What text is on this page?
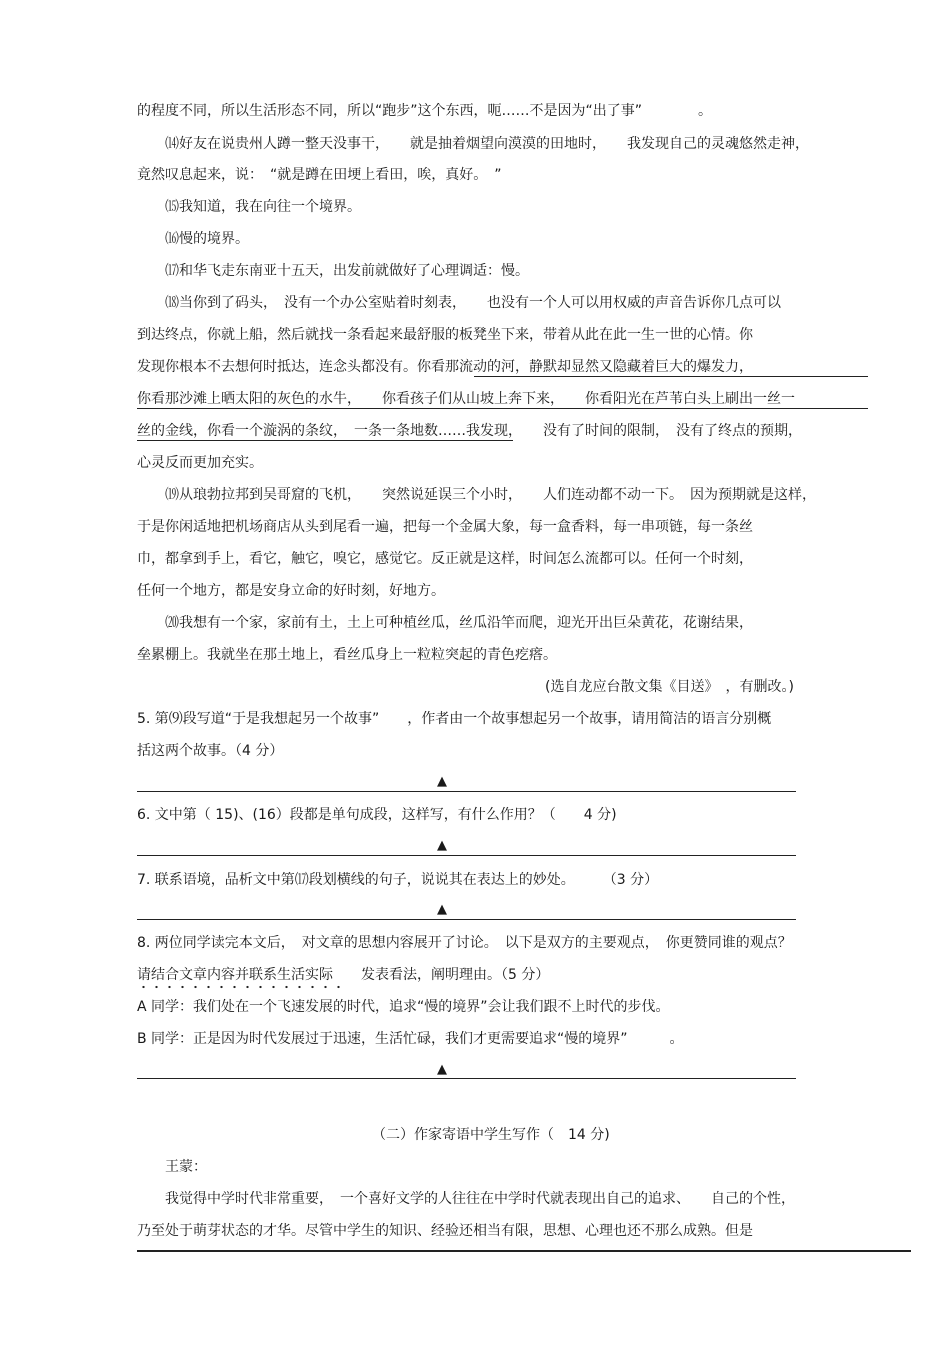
的程度不同，所以生活形态不同，所以“跑步”这个东西，呃……不是因为“出了事”　　　　。
⒁好友在说贵州人蹲一整天没事干，　　就是抽着烟望向漠漠的田地时，　　我发现自己的灵魂悠然走神，
竟然叹息起来，说：　“就是蹲在田埂上看田，唉，真好。　”
⒂我知道，我在向往一个境界。
⒃慢的境界。
⒄和华飞走东南亚十五天，出发前就做好了心理调适：慢。
⒅当你到了码头，　没有一个办公室贴着时刻表，　　也没有一个人可以用权威的声音告诉你几点可以
到达终点，你就上船，然后就找一条看起来最舒服的板凳坐下来，带着从此在此一生一世的心情。你
发现你根本不去想何时抵达，连念头都没有。你看那流动的河，静默却显然又隐藏着巨大的爆发力，
你看那沙滩上晒太阳的灰色的水牛，　　你看孩子们从山坡上奔下来，　　你看阳光在芦苇白头上刷出一丝一
丝的金线，你看一个漩涡的条纹，　一条一条地数……我发现，　　没有了时间的限制，　没有了终点的预期，
心灵反而更加充实。
⒆从琅勃拉邦到吴哥窟的飞机，　　突然说延误三个小时，　　人们连动都不动一下。　因为预期就是这样，
于是你闲适地把机场商店从头到尾看一遍，把每一个金属大象，每一盒香料，每一串项链，每一条丝
巾，都拿到手上，看它，触它，嗅它，感觉它。反正就是这样，时间怎么流都可以。任何一个时刻，
任何一个地方，都是安身立命的好时刻，好地方。
⒇我想有一个家，家前有土，土上可种植丝瓜，丝瓜沿竿而爬，迎光开出巨朵黄花，花谢结果，
垒累棚上。我就坐在那土地上，看丝瓜身上一粒粒突起的青色疙瘩。
(选自龙应台散文集《目送》　，有删改。)
5. 第⑼段写道“于是我想起另一个故事”　　，作者由一个故事想起另一个故事，请用简洁的语言分别概
括这两个故事。（4 分）
▲
6. 文中第（ 15)、(16）段都是单句成段，这样写，有什么作用？（　　4 分)
▲
7. 联系语境，品析文中第⒄段划横线的句子，说说其在表达上的妙处。　　　（3 分）
▲
8. 两位同学读完本文后，　对文章的思想内容展开了讨论。　以下是双方的主要观点，　你更赞同谁的观点？
请结合文章内容并联系生活实际　　发表看法，阐明理由。（5 分）
A 同学：我们处在一个飞速发展的时代，追求“慢的境界”会让我们跟不上时代的步伐。
B 同学：正是因为时代发展过于迅速，生活忙碌，我们才更需要追求“慢的境界”　　　。
▲
（二）作家寄语中学生写作（　14 分)
王蒙：
我觉得中学时代非常重要，　一个喜好文学的人往往在中学时代就表现出自己的追求、　　自己的个性，
乃至处于萌芽状态的才华。尽管中学生的知识、经验还相当有限，思想、心理也还不那么成熟。但是
